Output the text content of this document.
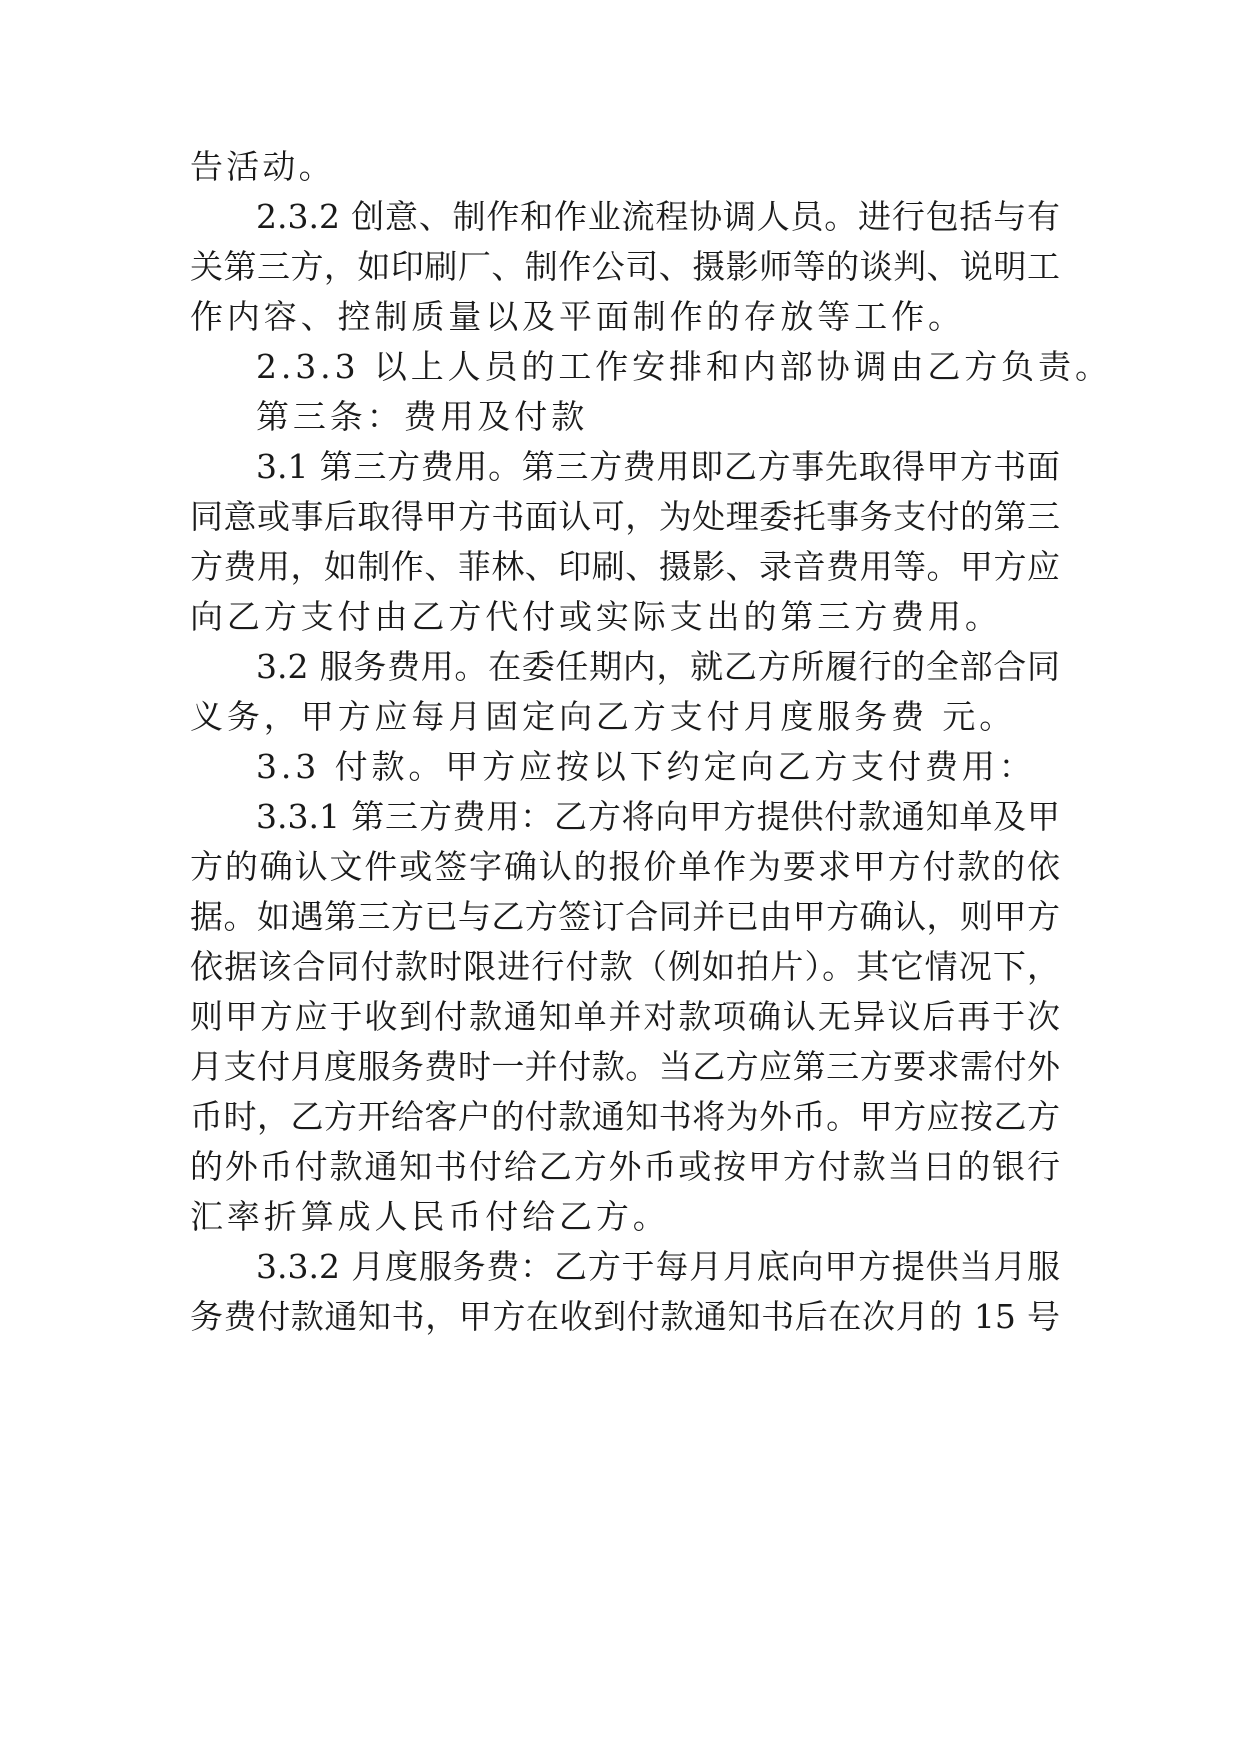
告活动。
2.3.2 创意、制作和作业流程协调人员。进行包括与有
关第三方，如印刷厂、制作公司、摄影师等的谈判、说明工
作内容、控制质量以及平面制作的存放等工作。
2.3.3 以上人员的工作安排和内部协调由乙方负责。
第三条：费用及付款
3.1 第三方费用。第三方费用即乙方事先取得甲方书面
同意或事后取得甲方书面认可，为处理委托事务支付的第三
方费用，如制作、菲林、印刷、摄影、录音费用等。甲方应
向乙方支付由乙方代付或实际支出的第三方费用。
3.2 服务费用。在委任期内，就乙方所履行的全部合同
义务，甲方应每月固定向乙方支付月度服务费 元。
3.3 付款。甲方应按以下约定向乙方支付费用：
3.3.1 第三方费用：乙方将向甲方提供付款通知单及甲
方的确认文件或签字确认的报价单作为要求甲方付款的依
据。如遇第三方已与乙方签订合同并已由甲方确认，则甲方
依据该合同付款时限进行付款（例如拍片）。其它情况下，
则甲方应于收到付款通知单并对款项确认无异议后再于次
月支付月度服务费时一并付款。当乙方应第三方要求需付外
币时，乙方开给客户的付款通知书将为外币。甲方应按乙方
的外币付款通知书付给乙方外币或按甲方付款当日的银行
汇率折算成人民币付给乙方。
3.3.2 月度服务费：乙方于每月月底向甲方提供当月服
务费付款通知书，甲方在收到付款通知书后在次月的 15 号
